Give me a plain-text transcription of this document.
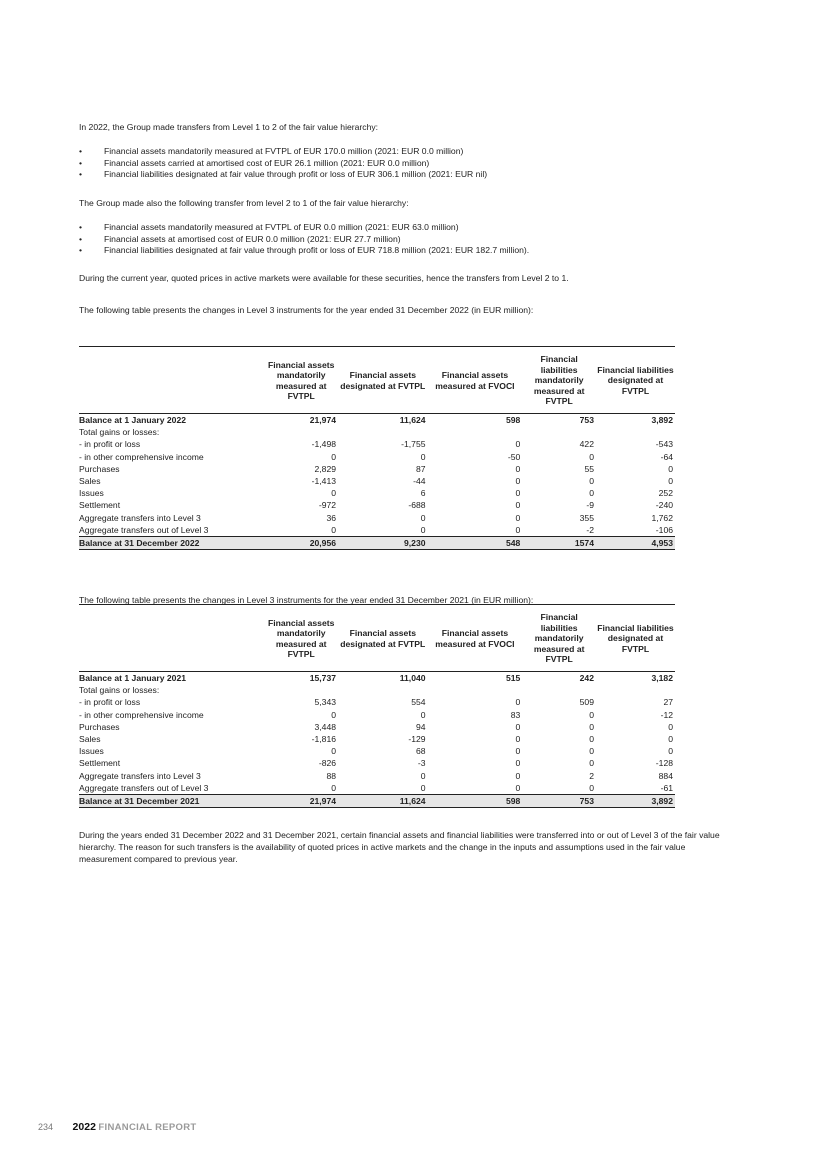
In 2022, the Group made transfers from Level 1 to 2 of the fair value hierarchy:

• Financial assets mandatorily measured at FVTPL of EUR 170.0 million (2021: EUR 0.0 million)
• Financial assets carried at amortised cost of EUR 26.1 million (2021: EUR 0.0 million)
• Financial liabilities designated at fair value through profit or loss of EUR 306.1 million (2021: EUR nil)

The Group made also the following transfer from level 2 to 1 of the fair value hierarchy:

• Financial assets mandatorily measured at FVTPL of EUR 0.0 million (2021: EUR 63.0 million)
• Financial assets at amortised cost of EUR 0.0 million (2021: EUR 27.7 million)
• Financial liabilities designated at fair value through profit or loss of EUR 718.8 million (2021: EUR 182.7 million).

During the current year, quoted prices in active markets were available for these securities, hence the transfers from Level 2 to 1.

The following table presents the changes in Level 3 instruments for the year ended 31 December 2022 (in EUR million):

	Financial assets mandatorily measured at FVTPL	Financial assets designated at FVTPL	Financial assets measured at FVOCI	Financial liabilities mandatorily measured at FVTPL	Financial liabilities designated at FVTPL
Balance at 1 January 2022	21,974	11,624	598	753	3,892
Total gains or losses:					
- in profit or loss	-1,498	-1,755	0	422	-543
- in other comprehensive income	0	0	-50	0	-64
Purchases	2,829	87	0	55	0
Sales	-1,413	-44	0	0	0
Issues	0	6	0	0	252
Settlement	-972	-688	0	-9	-240
Aggregate transfers into Level 3	36	0	0	355	1,762
Aggregate transfers out of Level 3	0	0	0	-2	-106
Balance at 31 December 2022	20,956	9,230	548	1574	4,953

The following table presents the changes in Level 3 instruments for the year ended 31 December 2021 (in EUR million):

	Financial assets mandatorily measured at FVTPL	Financial assets designated at FVTPL	Financial assets measured at FVOCI	Financial liabilities mandatorily measured at FVTPL	Financial liabilities designated at FVTPL
Balance at 1 January 2021	15,737	11,040	515	242	3,182
Total gains or losses:					
- in profit or loss	5,343	554	0	509	27
- in other comprehensive income	0	0	83	0	-12
Purchases	3,448	94	0	0	0
Sales	-1,816	-129	0	0	0
Issues	0	68	0	0	0
Settlement	-826	-3	0	0	-128
Aggregate transfers into Level 3	88	0	0	2	884
Aggregate transfers out of Level 3	0	0	0	0	-61
Balance at 31 December 2021	21,974	11,624	598	753	3,892

During the years ended 31 December 2022 and 31 December 2021, certain financial assets and financial liabilities were transferred into or out of Level 3 of the fair value hierarchy. The reason for such transfers is the availability of quoted prices in active markets and the change in the inputs and assumptions used in the fair value measurement compared to previous year.

234 2022 FINANCIAL REPORT
